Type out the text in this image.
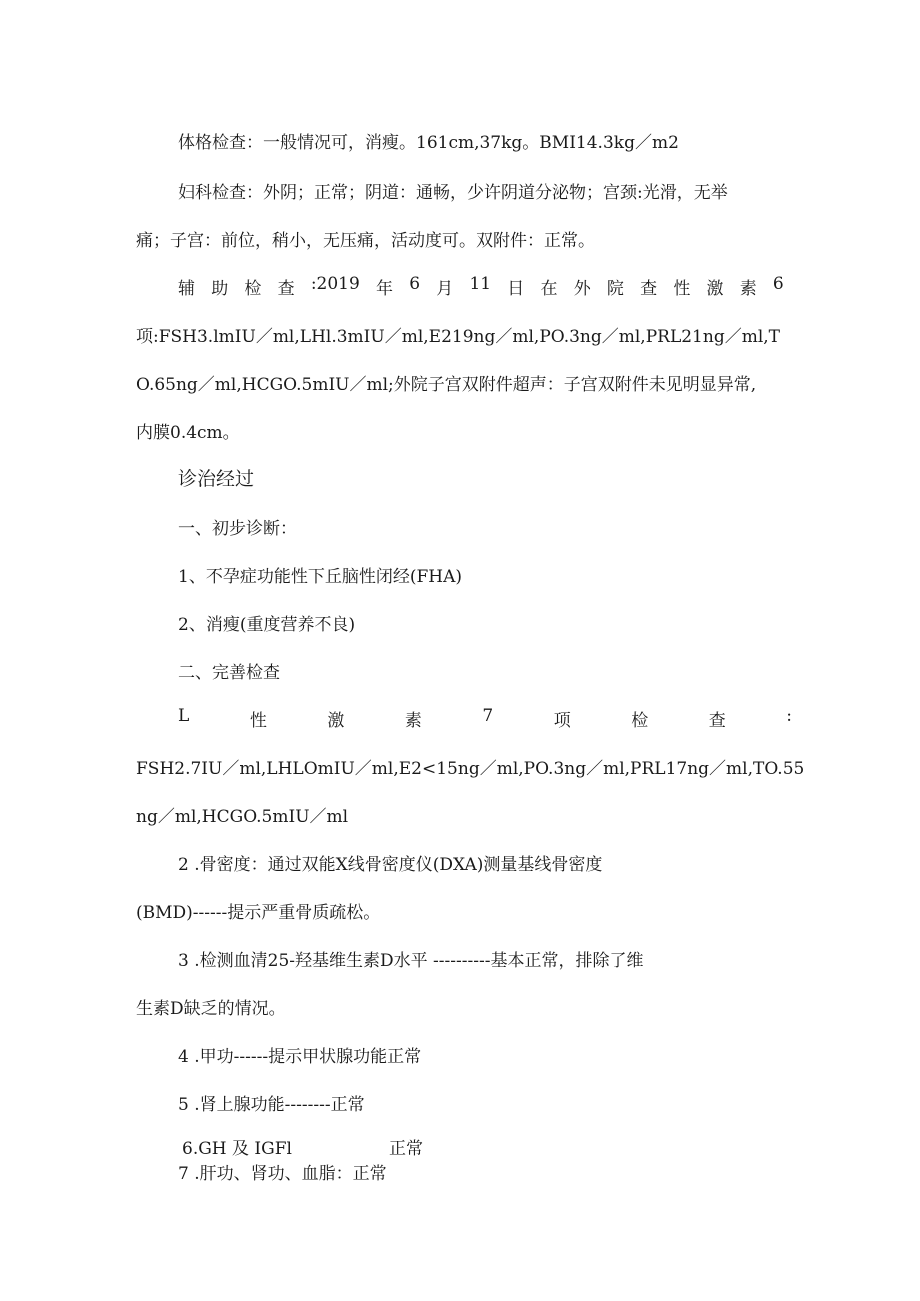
体格检查：一般情况可，消瘦。161cm,37kg。BMI14.3kg／m2
妇科检查：外阴；正常；阴道：通畅，少许阴道分泌物；宫颈:光滑，无举
痛；子宫：前位，稍小，无压痛，活动度可。双附件：正常。
辅 助 检 查 :2019 年 6 月 11 日 在 外 院 查 性 激 素 6
项:FSH3.lmIU／ml,LHl.3mIU／ml,E219ng／ml,PO.3ng／ml,PRL21ng／ml,T
O.65ng／ml,HCGO.5mIU／ml;外院子宫双附件超声：子宫双附件未见明显异常,
内膜0.4cm。
诊治经过
一、初步诊断：
1、不孕症功能性下丘脑性闭经(FHA)
2、消瘦(重度营养不良)
二、完善检查
L	性	激	素	7	项	检	查	:
FSH2.7IU／ml,LHLOmIU／ml,E2<15ng／ml,PO.3ng／ml,PRL17ng／ml,TO.55
ng／ml,HCGO.5mIU／ml
2 .骨密度：通过双能X线骨密度仪(DXA)测量基线骨密度
(BMD)------提示严重骨质疏松。
3 .检测血清25-羟基维生素D水平 ----------基本正常，排除了维
生素D缺乏的情况。
4 .甲功------提示甲状腺功能正常
5 .肾上腺功能--------正常
6.GH 及 IGFl	正常
7 .肝功、肾功、血脂：正常
